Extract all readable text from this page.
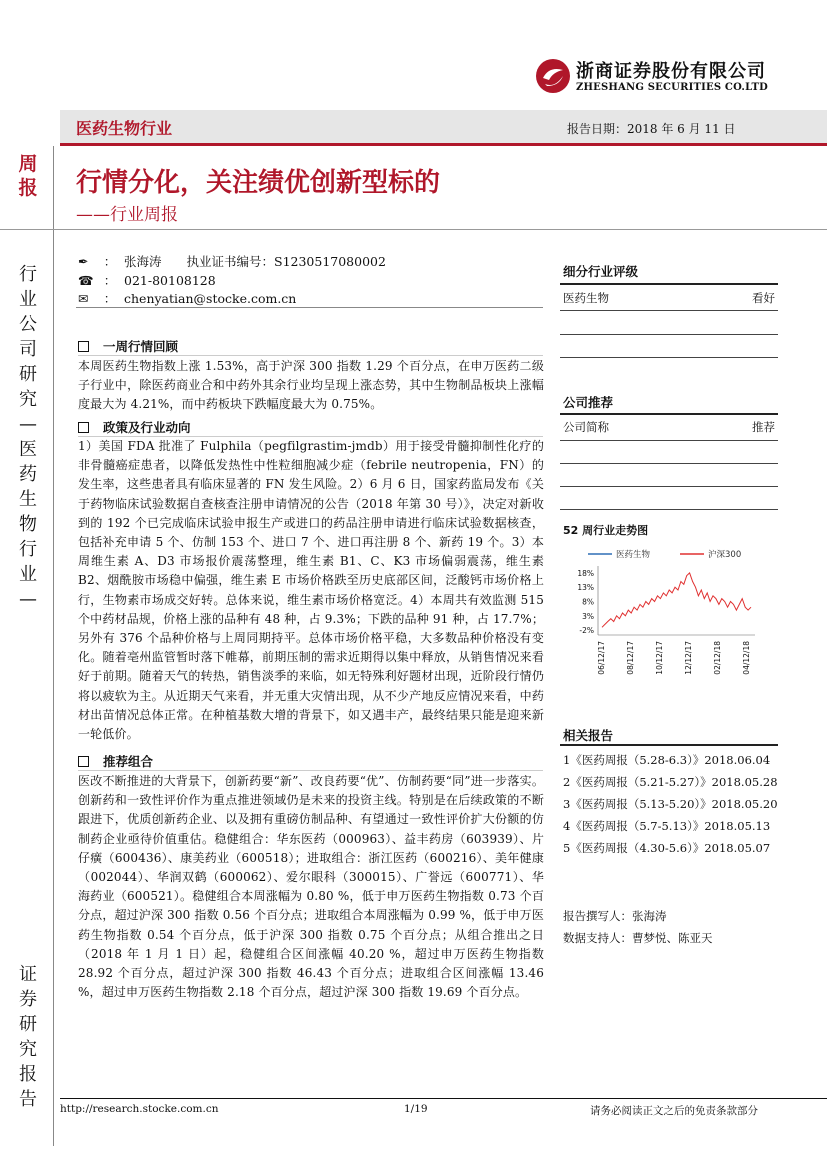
浙商证券股份有限公司
ZHESHANG SECURITIES CO.LTD
医药生物行业	报告日期：2018 年 6 月 11 日
周
报
行业公司研究—医药生物行业—
证券研究报告
行情分化，关注绩优创新型标的
——行业周报
✒ ： 张海涛　　执业证书编号：S1230517080002
☎ ： 021-80108128
✉ ： chenyatian@stocke.com.cn
一周行情回顾
本周医药生物指数上涨 1.53%，高于沪深 300 指数 1.29 个百分点，在申万医药二级子行业中，除医药商业合和中药外其余行业均呈现上涨态势，其中生物制品板块上涨幅度最大为 4.21%，而中药板块下跌幅度最大为 0.75%。
政策及行业动向
1）美国 FDA 批准了 Fulphila（pegfilgrastim-jmdb）用于接受骨髓抑制性化疗的非骨髓癌症患者，以降低发热性中性粒细胞减少症（febrile neutropenia，FN）的发生率，这些患者具有临床显著的 FN 发生风险。2）6 月 6 日，国家药监局发布《关于药物临床试验数据自查核查注册申请情况的公告（2018 年第 30 号）》，决定对新收到的 192 个已完成临床试验申报生产或进口的药品注册申请进行临床试验数据核查，包括补充申请 5 个、仿制 153 个、进口 7 个、进口再注册 8 个、新药 19 个。3）本周维生素 A、D3 市场报价震荡整理，维生素 B1、C、K3 市场偏弱震荡，维生素 B2、烟酰胺市场稳中偏强，维生素 E 市场价格跌至历史底部区间，泛酸钙市场价格上行，生物素市场成交好转。总体来说，维生素市场价格宽泛。4）本周共有效监测 515 个中药材品规，价格上涨的品种有 48 种，占 9.3%；下跌的品种 91 种，占 17.7%；另外有 376 个品种价格与上周同期持平。总体市场价格平稳，大多数品种价格没有变化。随着亳州监管暂时落下帷幕，前期压制的需求近期得以集中释放，从销售情况来看好于前期。随着天气的转热，销售淡季的来临，如无特殊利好题材出现，近阶段行情仍将以疲软为主。从近期天气来看，并无重大灾情出现，从不少产地反应情况来看，中药材出苗情况总体正常。在种植基数大增的背景下，如又遇丰产，最终结果只能是迎来新一轮低价。
推荐组合
医改不断推进的大背景下，创新药要“新”、改良药要“优”、仿制药要“同”进一步落实。创新药和一致性评价作为重点推进领域仍是未来的投资主线。特别是在后续政策的不断跟进下，优质创新药企业、以及拥有重磅仿制品种、有望通过一致性评价扩大份额的仿制药企业亟待价值重估。稳健组合：华东医药（000963）、益丰药房（603939）、片仔癀（600436）、康美药业（600518）；进取组合：浙江医药（600216）、美年健康（002044）、华润双鹤（600062）、爱尔眼科（300015）、广誉远（600771）、华海药业（600521）。稳健组合本周涨幅为 0.80 %，低于申万医药生物指数 0.73 个百分点，超过沪深 300 指数 0.56 个百分点；进取组合本周涨幅为 0.99 %，低于申万医药生物指数 0.54 个百分点，低于沪深 300 指数 0.75 个百分点；从组合推出之日（2018 年 1 月 1 日）起，稳健组合区间涨幅 40.20 %，超过申万医药生物指数 28.92 个百分点，超过沪深 300 指数 46.43 个百分点；进取组合区间涨幅 13.46 %，超过申万医药生物指数 2.18 个百分点，超过沪深 300 指数 19.69 个百分点。
细分行业评级
医药生物	看好
公司推荐
公司简称	推荐
52 周行业走势图
医药生物	沪深300
18%
13%
8%
3%
-2%
06/12/17	08/12/17	10/12/17	12/12/17	02/12/18	04/12/18
相关报告
1《医药周报（5.28-6.3）》2018.06.04
2《医药周报（5.21-5.27）》2018.05.28
3《医药周报（5.13-5.20）》2018.05.20
4《医药周报（5.7-5.13）》2018.05.13
5《医药周报（4.30-5.6）》2018.05.07
报告撰写人：张海涛
数据支持人：曹梦悦、陈亚天
http://research.stocke.com.cn	1/19	请务必阅读正文之后的免责条款部分
